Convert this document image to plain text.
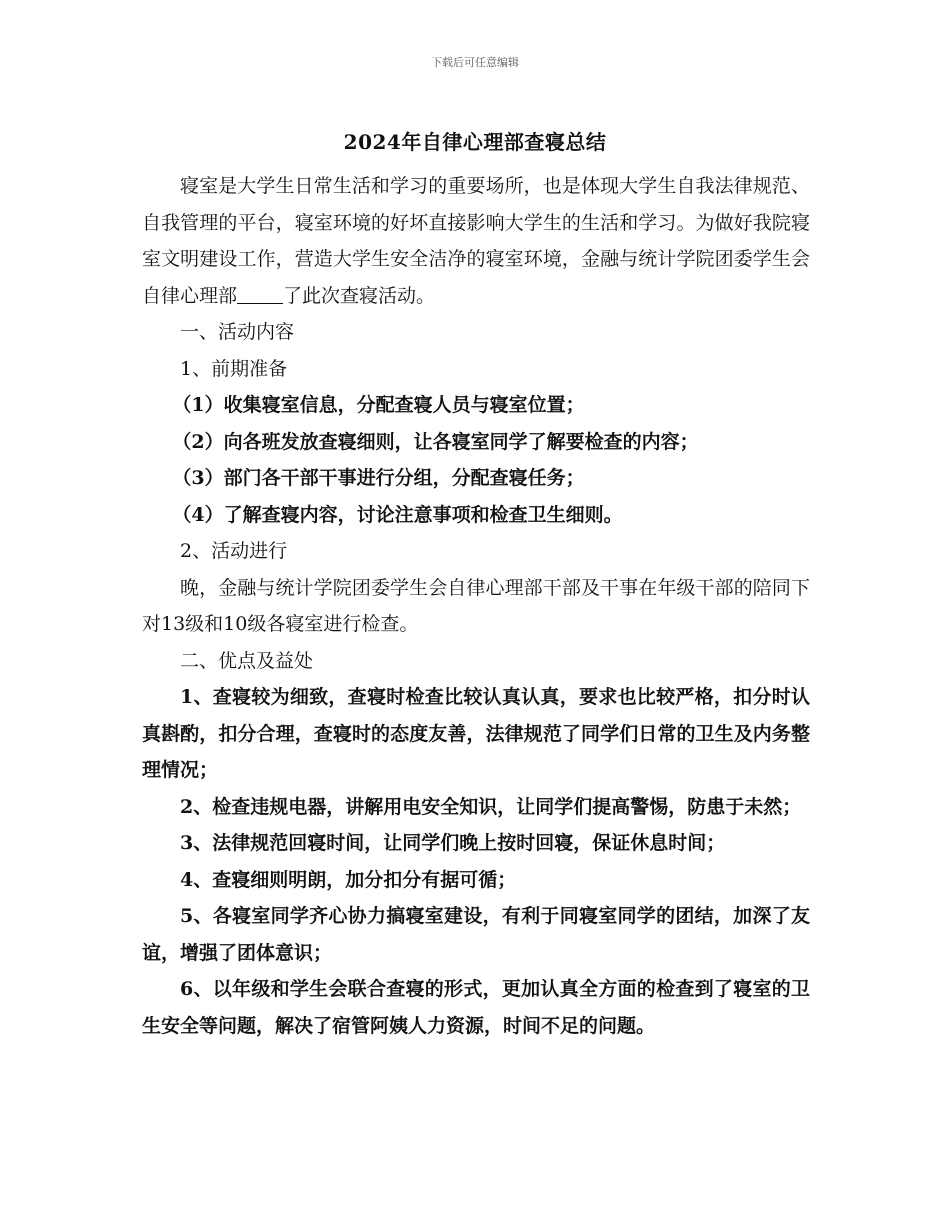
下载后可任意编辑
2024年自律心理部查寝总结

寝室是大学生日常生活和学习的重要场所，也是体现大学生自我法律规范、自我管理的平台，寝室环境的好坏直接影响大学生的生活和学习。为做好我院寝室文明建设工作，营造大学生安全洁净的寝室环境，金融与统计学院团委学生会自律心理部 了此次查寝活动。

一、活动内容

1、前期准备

（1）收集寝室信息，分配查寝人员与寝室位置；

（2）向各班发放查寝细则，让各寝室同学了解要检查的内容；

（3）部门各干部干事进行分组，分配查寝任务；

（4）了解查寝内容，讨论注意事项和检查卫生细则。

2、活动进行

晚，金融与统计学院团委学生会自律心理部干部及干事在年级干部的陪同下对13级和10级各寝室进行检查。

二、优点及益处

1、查寝较为细致，查寝时检查比较认真认真，要求也比较严格，扣分时认真斟酌，扣分合理，查寝时的态度友善，法律规范了同学们日常的卫生及内务整理情况；

2、检查违规电器，讲解用电安全知识，让同学们提高警惕，防患于未然；

3、法律规范回寝时间，让同学们晚上按时回寝，保证休息时间；

4、查寝细则明朗，加分扣分有据可循；

5、各寝室同学齐心协力搞寝室建设，有利于同寝室同学的团结，加深了友谊，增强了团体意识；

6、以年级和学生会联合查寝的形式，更加认真全方面的检查到了寝室的卫生安全等问题，解决了宿管阿姨人力资源，时间不足的问题。
